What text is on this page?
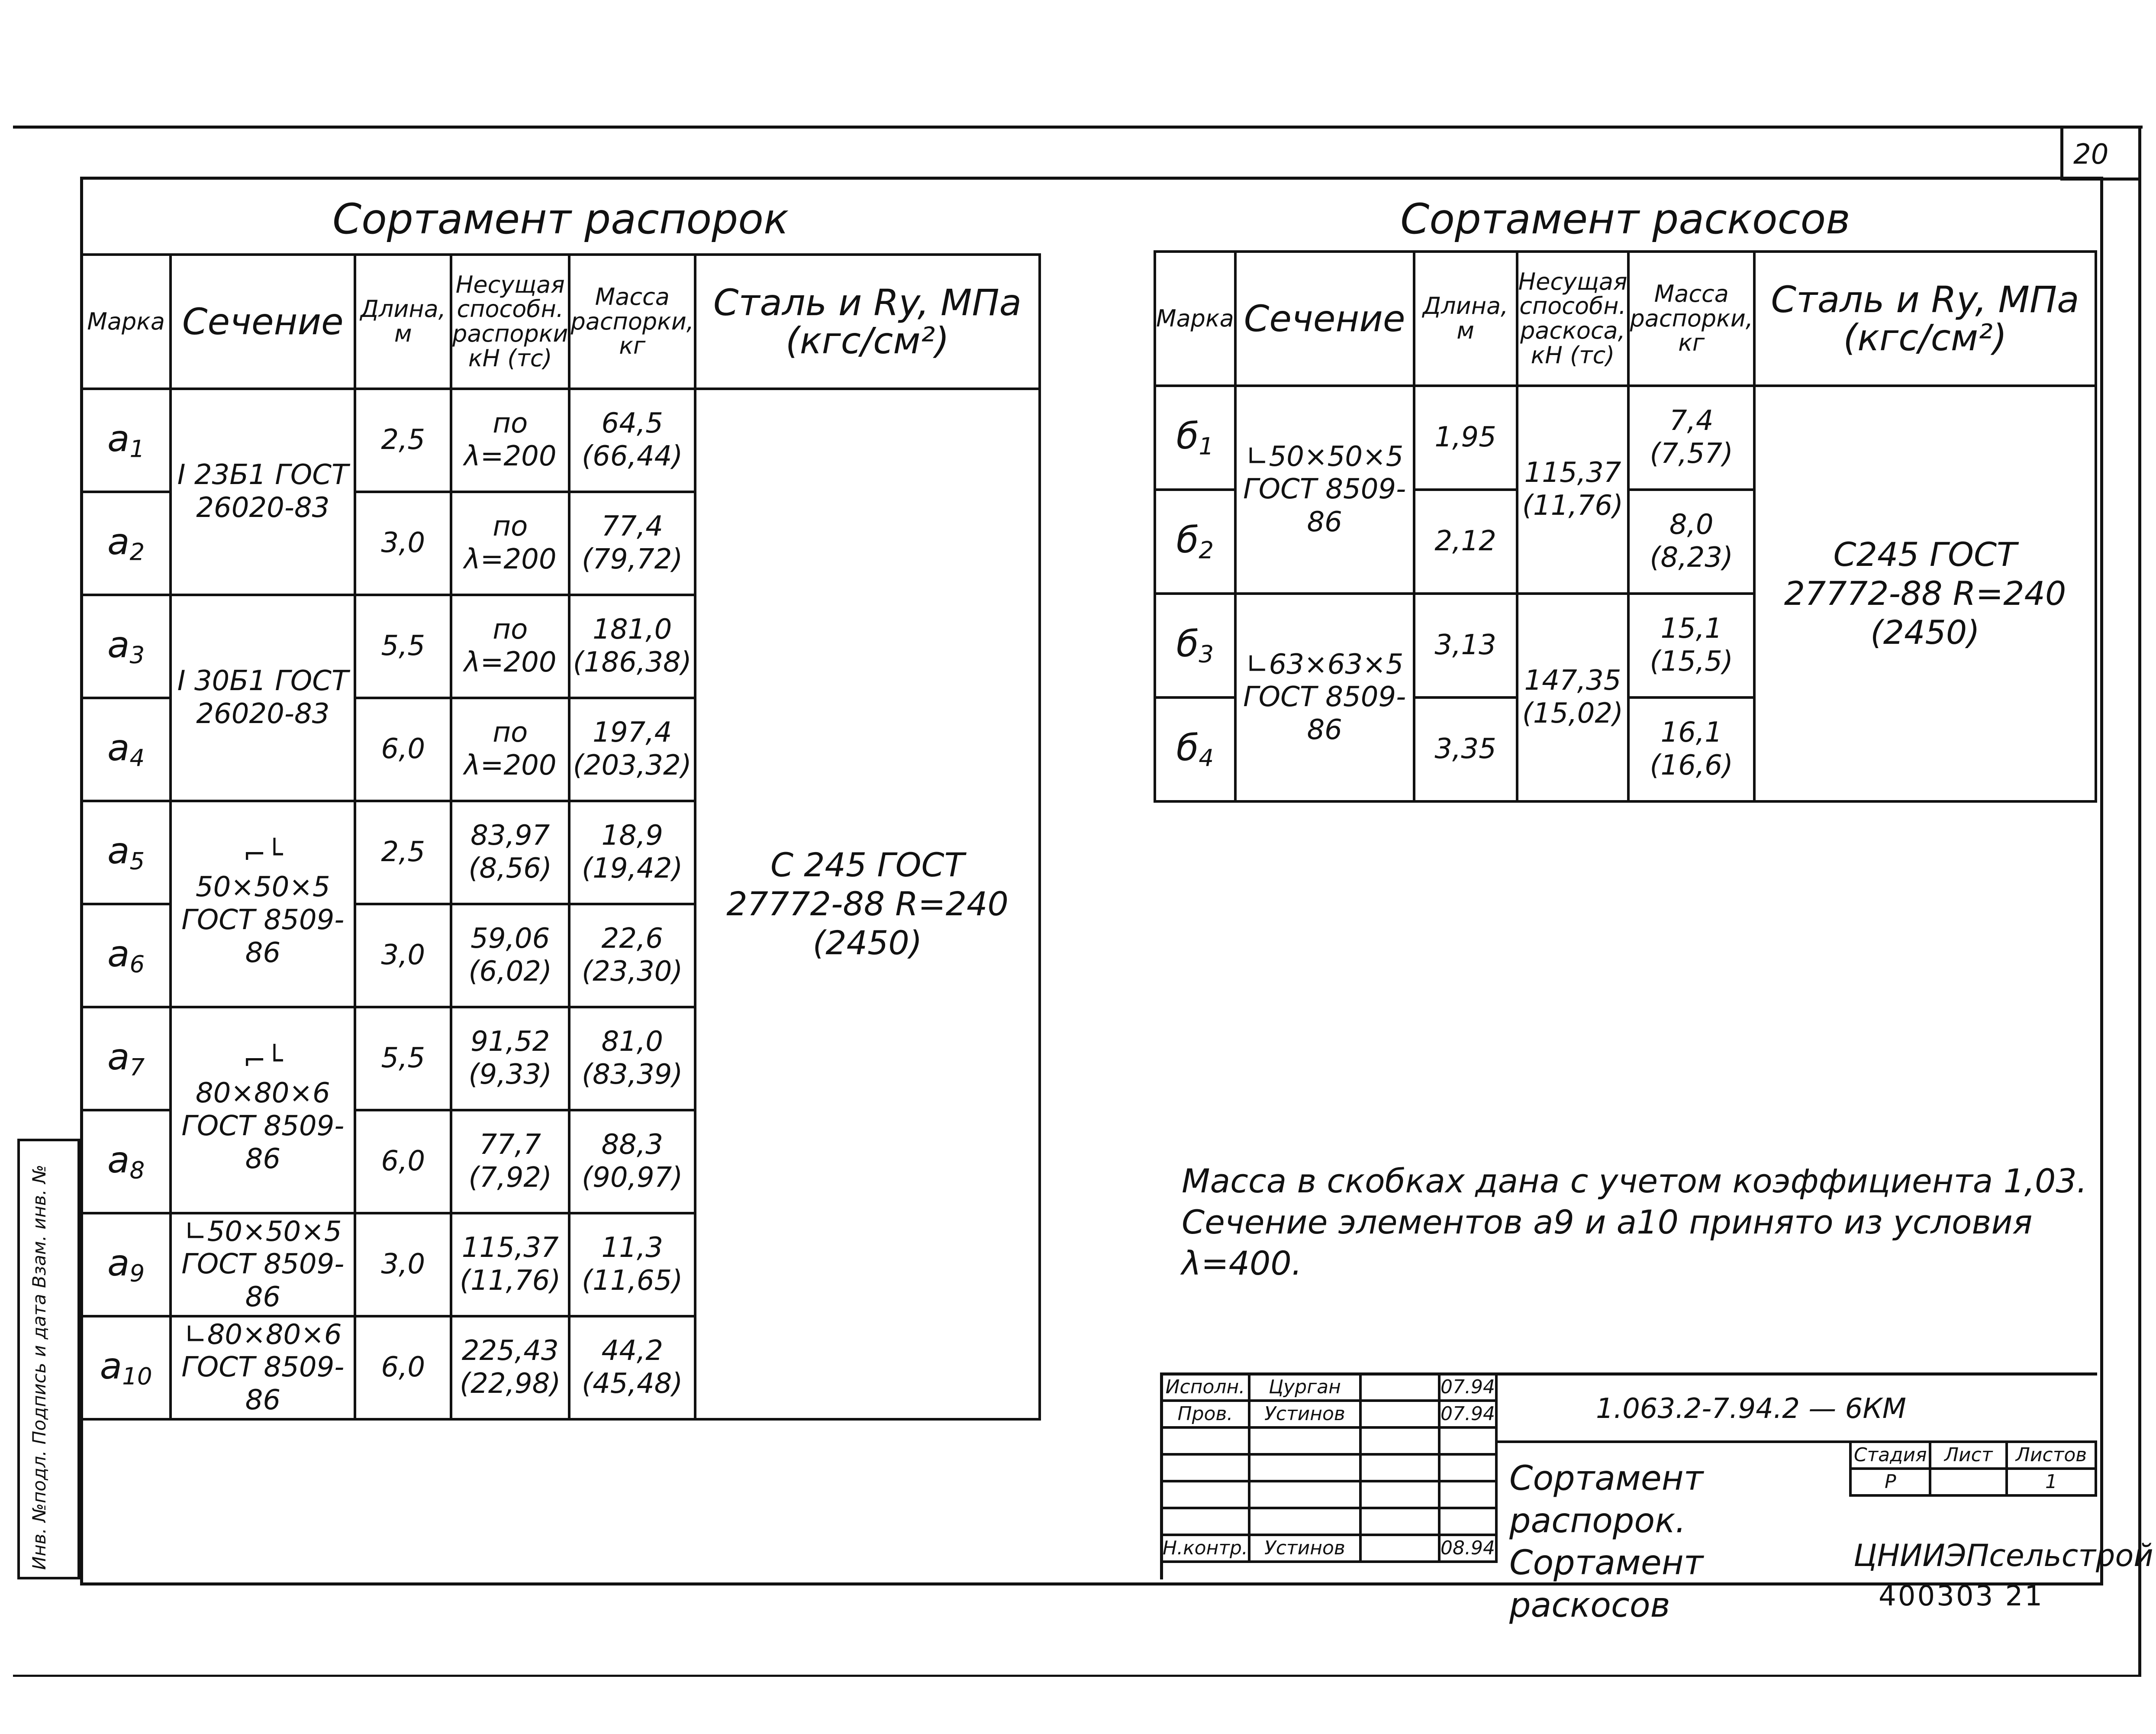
20
Инв. №подл. Подпись и дата Взам. инв. №
Сортамент распорок
Марка	Сечение	Длина, м	Несущая способн. распорки кН (тс)	Масса распорки, кг	Сталь и Ry, МПа (кгс/см²)
$а_1$	I 23Б1 ГОСТ 26020-83	2,5	по λ=200	64,5 (66,44)	С 245 ГОСТ 27772-88 R=240 (2450)
$а_2$		3,0	по λ=200	77,4 (79,72)	
$а_3$	I 30Б1 ГОСТ 26020-83	5,5	по λ=200	181,0 (186,38)	
$а_4$		6,0	по λ=200	197,4 (203,32)	
$а_5$	⌐└ 50×50×5 ГОСТ 8509-86	2,5	83,97 (8,56)	18,9 (19,42)	
$а_6$		3,0	59,06 (6,02)	22,6 (23,30)	
$а_7$	⌐└ 80×80×6 ГОСТ 8509-86	5,5	91,52 (9,33)	81,0 (83,39)	
$а_8$		6,0	77,7 (7,92)	88,3 (90,97)	
$а_9$	∟50×50×5 ГОСТ 8509-86	3,0	115,37 (11,76)	11,3 (11,65)	
$а_{10}$	∟80×80×6 ГОСТ 8509-86	6,0	225,43 (22,98)	44,2 (45,48)	
Сортамент раскосов
Марка	Сечение	Длина, м	Несущая способн. раскоса, кН (тс)	Масса распорки, кг	Сталь и Ry, МПа (кгс/см²)
$б_1$	∟50×50×5 ГОСТ 8509-86	1,95	115,37 (11,76)	7,4 (7,57)	С245 ГОСТ 27772-88 R=240 (2450)
$б_2$		2,12		8,0 (8,23)	
$б_3$	∟63×63×5 ГОСТ 8509-86	3,13	147,35 (15,02)	15,1 (15,5)	
$б_4$		3,35		16,1 (16,6)	
Масса в скобках дана с учетом коэффициента 1,03.
Сечение элементов а9 и а10 принято из условия λ=400.
Исполн.	Цурган		07.94
Пров.	Устинов		07.94

Н.контр.	Устинов		08.94
1.063.2-7.94.2 — 6КМ
Сортамент распорок. Сортамент раскосов
Стадия	Лист	Листов
Р		1
ЦНИИЭПсельстрой
400303 21
